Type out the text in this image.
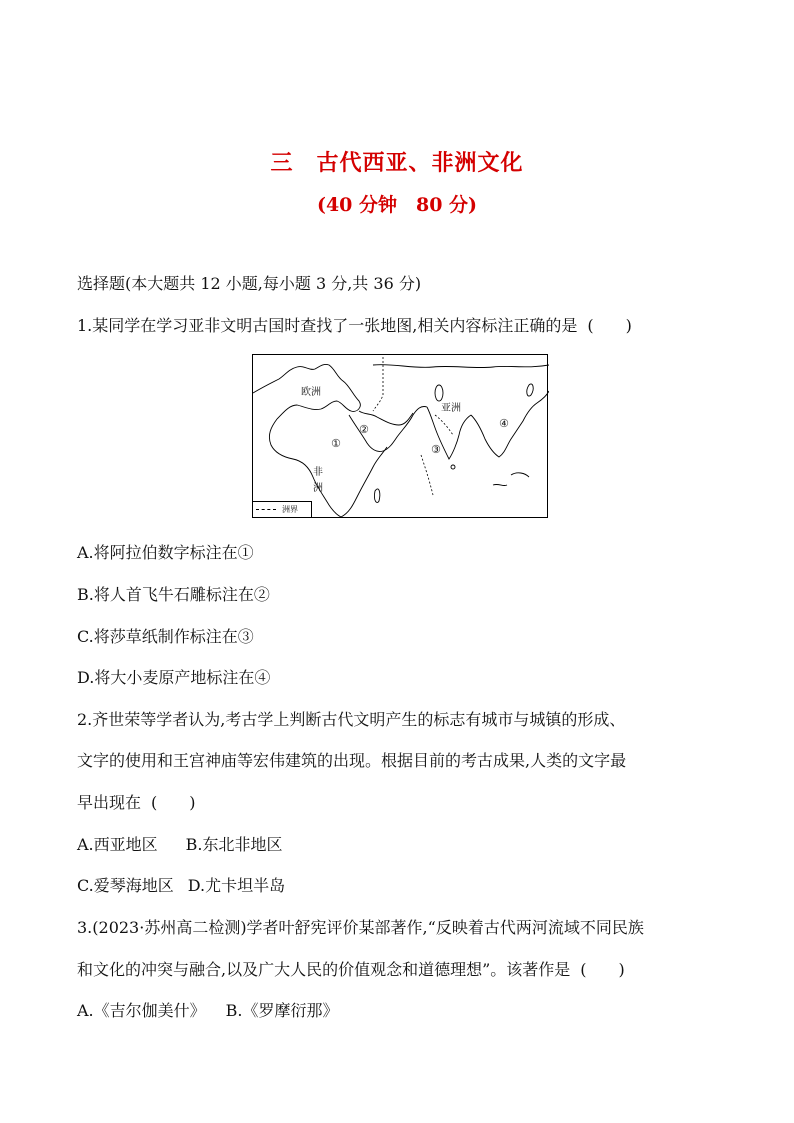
三　古代西亚、非洲文化
(40 分钟　80 分)
选择题(本大题共 12 小题,每小题 3 分,共 36 分)
1.某同学在学习亚非文明古国时查找了一张地图,相关内容标注正确的是 (　　)
欧洲
亚洲
非
洲
①
②
③
④
洲界
A.将阿拉伯数字标注在①
B.将人首飞牛石雕标注在②
C.将莎草纸制作标注在③
D.将大小麦原产地标注在④
2.齐世荣等学者认为,考古学上判断古代文明产生的标志有城市与城镇的形成、
文字的使用和王宫神庙等宏伟建筑的出现。根据目前的考古成果,人类的文字最
早出现在 (　　)
A.西亚地区 B.东北非地区
C.爱琴海地区 D.尤卡坦半岛
3.(2023·苏州高二检测)学者叶舒宪评价某部著作,“反映着古代两河流域不同民族
和文化的冲突与融合,以及广大人民的价值观念和道德理想”。该著作是 (　　)
A.《吉尔伽美什》 B.《罗摩衍那》
